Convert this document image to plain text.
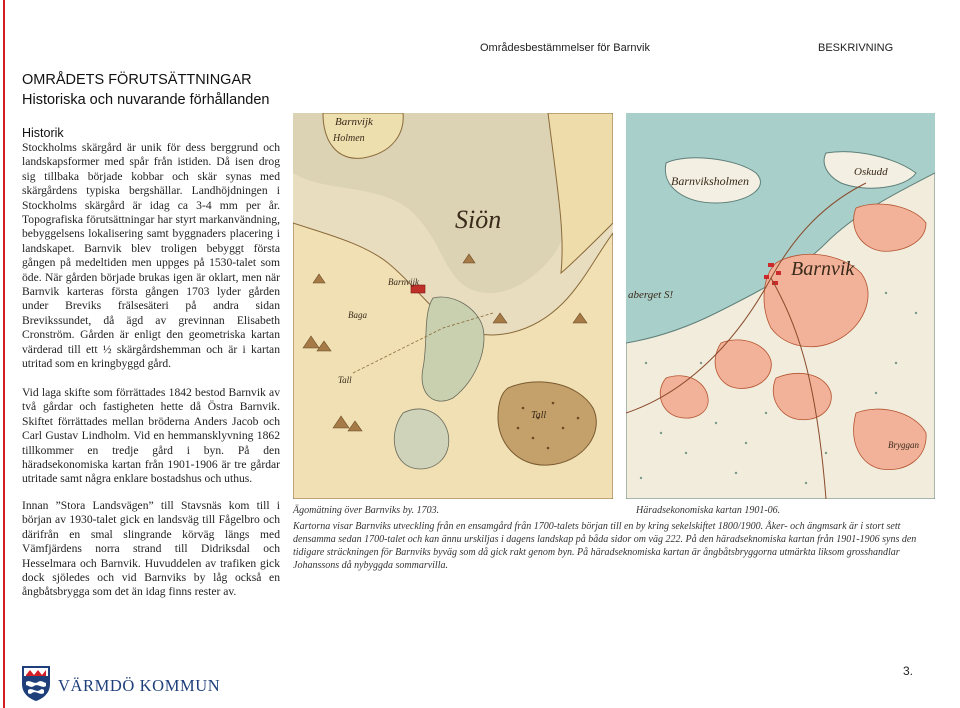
Områdesbestämmelser för Barnvik	BESKRIVNING
OMRÅDETS FÖRUTSÄTTNINGAR
Historiska och nuvarande förhållanden
Historik
Stockholms skärgård är unik för dess berggrund och landskapsformer med spår från istiden. Då isen drog sig tillbaka började kobbar och skär synas med skärgårdens typiska bergshällar. Landhöjdningen i Stockholms skärgård är idag ca 3-4 mm per år. Topografiska förutsättningar har styrt markanvändning, bebyggelsens lokalisering samt byggnaders placering i landskapet. Barnvik blev troligen bebyggt första gången på medeltiden men uppges på 1530-talet som öde. När gården började brukas igen är oklart, men när Barnvik karteras första gången 1703 lyder gården under Breviks frälsesäteri på andra sidan Brevikssundet, då ägd av grevinnan Elisabeth Cronström. Gården är enligt den geometriska kartan värderad till ett ½ skärgårdshemman och är i kartan utritad som en kringbyggd gård.
Vid laga skifte som förrättades 1842 bestod Barnvik av två gårdar och fastigheten hette då Östra Barnvik. Skiftet förrättades mellan bröderna Anders Jacob och Carl Gustav Lindholm. Vid en hemmansklyvning 1862 tillkommer en tredje gård i byn. På den häradsekonomiska kartan från 1901-1906 är tre gårdar utritade samt några enklare bostadshus och uthus.
Innan ”Stora Landsvägen” till Stavsnäs kom till i början av 1930-talet gick en landsväg till Fågelbro och därifrån en smal slingrande körväg längs med Vämfjärdens norra strand till Didriksdal och Hesselmara och Barnvik. Huvuddelen av trafiken gick dock sjöledes och vid Barnviks by låg också en ångbåtsbrygga som det än idag finns rester av.
Barnvijk
Holmen
Siön
Barnvijk
Baga
Tall
Tall
Barnviksholmen
Oskudd
Barnvik
aberget S!
Bryggan
Ägomätning över Barnviks by. 1703.	Häradsekonomiska kartan 1901-06.
Kartorna visar Barnviks utveckling från en ensamgård från 1700-talets början till en by kring sekelskiftet 1800/1900. Åker- och ängmsark är i stort sett densamma sedan 1700-talet och kan ännu urskiljas i dagens landskap på båda sidor om väg 222. På den häradseknomiska kartan från 1901-1906 syns den tidigare sträckningen för Barnviks byväg som då gick rakt genom byn. På häradseknomiska kartan är ångbåtsbryggorna utmärkta liksom grosshandlar Johanssons då nybyggda sommarvilla.
VÄRMDÖ KOMMUN
3.
